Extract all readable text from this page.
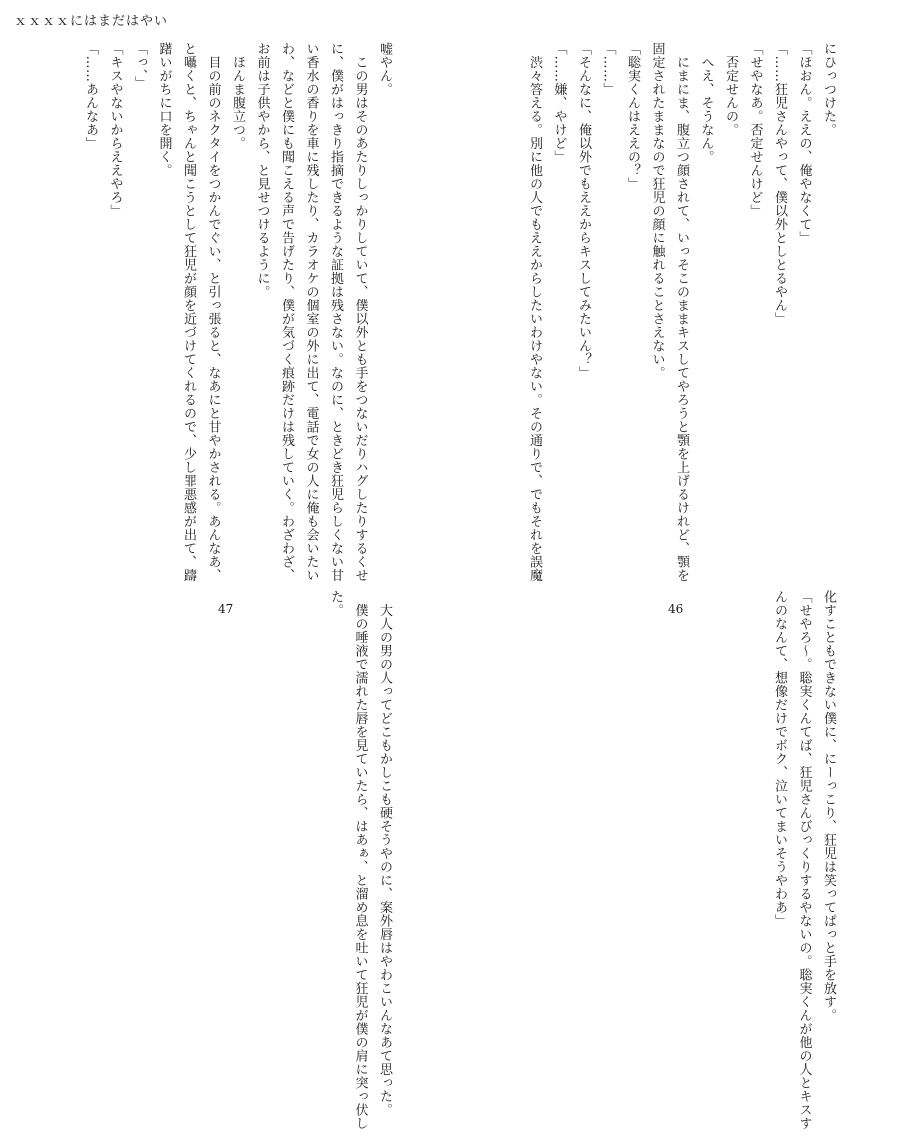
ｘｘｘｘにはまだはやい
嘘やん。
　この男はそのあたりしっかりしていて、僕以外とも手をつないだりハグしたりするくせ
に、僕がはっきり指摘できるような証拠は残さない。なのに、ときどき狂児らしくない甘
い香水の香りを車に残したり、カラオケの個室の外に出て、電話で女の人に俺も会いたい
わ、などと僕にも聞こえる声で告げたり、僕が気づく痕跡だけは残していく。わざわざ、
お前は子供やから、と見せつけるように。
　ほんま腹立つ。
　目の前のネクタイをつかんでぐい、と引っ張ると、なあにと甘やかされる。あんなあ、
と囁くと、ちゃんと聞こうとして狂児が顔を近づけてくれるので、少し罪悪感が出て、躊
躇いがちに口を開く。
「っ、」
「キスやないからええやろ」
「……あんなあ」
　大人の男の人ってどこもかしこも硬そうやのに、案外唇はやわこいんなあて思った。
　僕の唾液で濡れた唇を見ていたら、はあぁ、と溜め息を吐いて狂児が僕の肩に突っ伏し
た。
47
にひっつけた。
「ほおん。ええの、俺やなくて」
「……狂児さんやって、僕以外としとるやん」
「せやなあ。否定せんけど」
　否定せんの。
　へえ、そうなん。
　にまにま、腹立つ顔されて、いっそこのままキスしてやろうと顎を上げるけれど、顎を
固定されたままなので狂児の顔に触れることさえない。
「聡実くんはええの？」
「……」
「そんなに、俺以外でもええからキスしてみたいん？」
「……嫌、やけど」
　渋々答える。別に他の人でもええからしたいわけやない。その通りで、でもそれを誤魔
化すこともできない僕に、にーっこり、狂児は笑ってぱっと手を放す。
「せやろ〜。聡実くんてば、狂児さんびっくりするやないの。聡実くんが他の人とキスす
んのなんて、想像だけでボク、泣いてまいそうやわあ」
46
